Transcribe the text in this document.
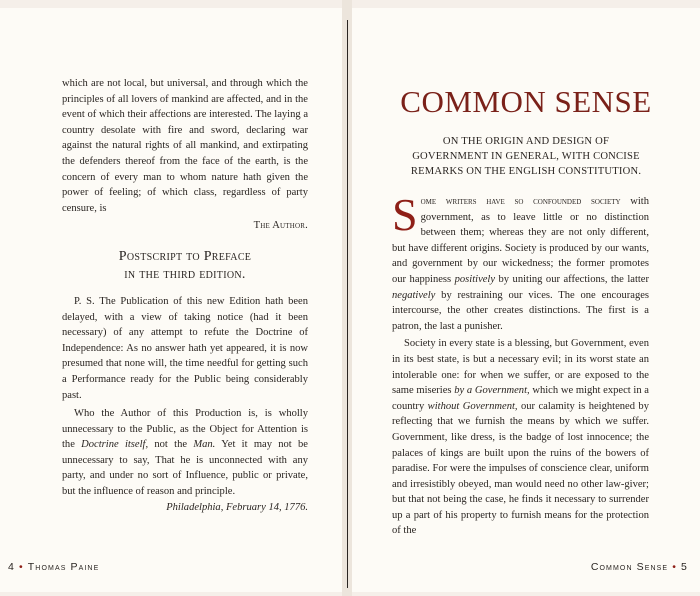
which are not local, but universal, and through which the principles of all lovers of mankind are affected, and in the event of which their affections are interested. The laying a country desolate with fire and sword, declaring war against the natural rights of all mankind, and extirpating the defenders thereof from the face of the earth, is the concern of every man to whom nature hath given the power of feeling; of which class, regardless of party censure, is

The Author.

Postscript to Preface
in the third edition.

P. S. The Publication of this new Edition hath been delayed, with a view of taking notice (had it been necessary) of any attempt to refute the Doctrine of Independence: As no answer hath yet appeared, it is now presumed that none will, the time needful for getting such a Performance ready for the Public being considerably past.

Who the Author of this Production is, is wholly unnecessary to the Public, as the Object for Attention is the Doctrine itself, not the Man. Yet it may not be unnecessary to say, That he is unconnected with any party, and under no sort of Influence, public or private, but the influence of reason and principle.

Philadelphia, February 14, 1776.

4 • Thomas Paine
COMMON SENSE
ON THE ORIGIN AND DESIGN OF
GOVERNMENT IN GENERAL, WITH CONCISE
REMARKS ON THE ENGLISH CONSTITUTION.

Some writers have so confounded society with government, as to leave little or no distinction between them; whereas they are not only different, but have different origins. Society is produced by our wants, and government by our wickedness; the former promotes our happiness positively by uniting our affections, the latter negatively by restraining our vices. The one encourages intercourse, the other creates distinctions. The first is a patron, the last a punisher.

Society in every state is a blessing, but Government, even in its best state, is but a necessary evil; in its worst state an intolerable one: for when we suffer, or are exposed to the same miseries by a Government, which we might expect in a country without Government, our calamity is heightened by reflecting that we furnish the means by which we suffer. Government, like dress, is the badge of lost innocence; the palaces of kings are built upon the ruins of the bowers of paradise. For were the impulses of conscience clear, uniform and irresistibly obeyed, man would need no other law-giver; but that not being the case, he finds it necessary to surrender up a part of his property to furnish means for the protection of the

Common Sense • 5
